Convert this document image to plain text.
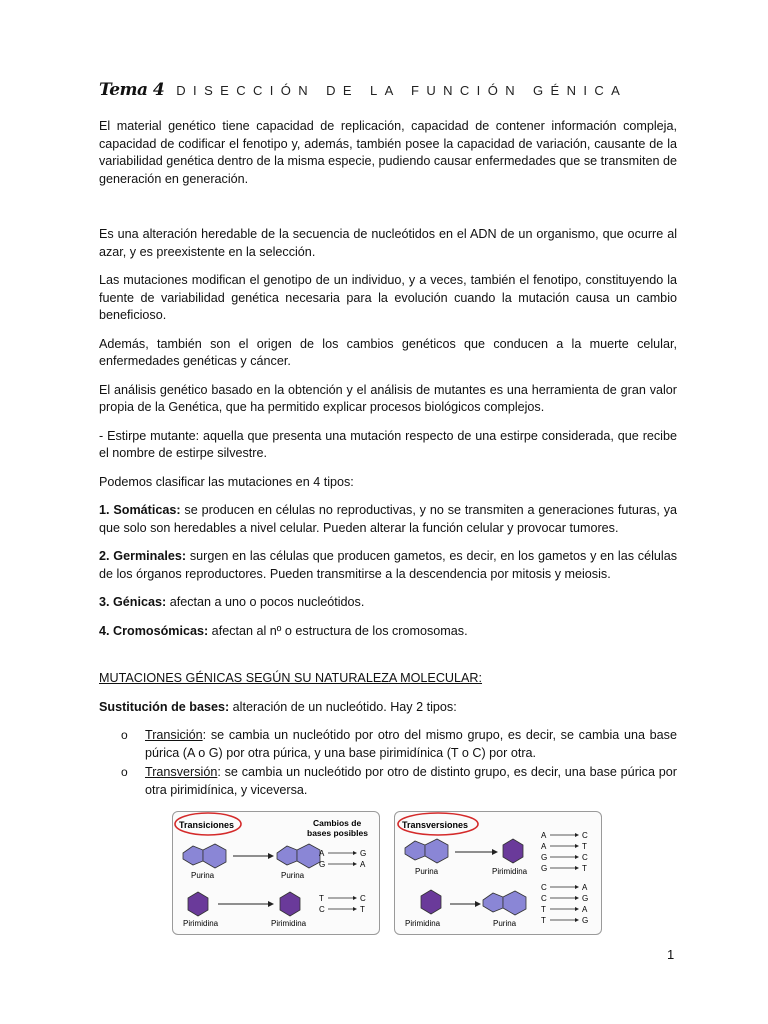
Tema 4 DISECCIÓN DE LA FUNCIÓN GÉNICA

El material genético tiene capacidad de replicación, capacidad de contener información compleja, capacidad de codificar el fenotipo y, además, también posee la capacidad de variación, causante de la variabilidad genética dentro de la misma especie, pudiendo causar enfermedades que se transmiten de generación en generación.

Es una alteración heredable de la secuencia de nucleótidos en el ADN de un organismo, que ocurre al azar, y es preexistente en la selección.

Las mutaciones modifican el genotipo de un individuo, y a veces, también el fenotipo, constituyendo la fuente de variabilidad genética necesaria para la evolución cuando la mutación causa un cambio beneficioso.

Además, también son el origen de los cambios genéticos que conducen a la muerte celular, enfermedades genéticas y cáncer.

El análisis genético basado en la obtención y el análisis de mutantes es una herramienta de gran valor propia de la Genética, que ha permitido explicar procesos biológicos complejos.

- Estirpe mutante: aquella que presenta una mutación respecto de una estirpe considerada, que recibe el nombre de estirpe silvestre.

Podemos clasificar las mutaciones en 4 tipos:

1. Somáticas: se producen en células no reproductivas, y no se transmiten a generaciones futuras, ya que solo son heredables a nivel celular. Pueden alterar la función celular y provocar tumores.

2. Germinales: surgen en las células que producen gametos, es decir, en los gametos y en las células de los órganos reproductores. Pueden transmitirse a la descendencia por mitosis y meiosis.

3. Génicas: afectan a uno o pocos nucleótidos.

4. Cromosómicas: afectan al nº o estructura de los cromosomas.

MUTACIONES GÉNICAS SEGÚN SU NATURALEZA MOLECULAR:

Sustitución de bases: alteración de un nucleótido. Hay 2 tipos:

o Transición: se cambia un nucleótido por otro del mismo grupo, es decir, se cambia una base púrica (A o G) por otra púrica, y una base pirimidínica (T o C) por otra.
o Transversión: se cambia un nucleótido por otro de distinto grupo, es decir, una base púrica por otra pirimidínica, y viceversa.
Transiciones	Cambios de
bases posibles
Purina	Purina
A	G
G	A
Pirimidina	Pirimidina
T	C
C	T
Transversiones
Purina	Pirimidina
A	C
A	T
G	C
G	T
Pirimidina	Purina
C	A
C	G
T	A
T	G
1
